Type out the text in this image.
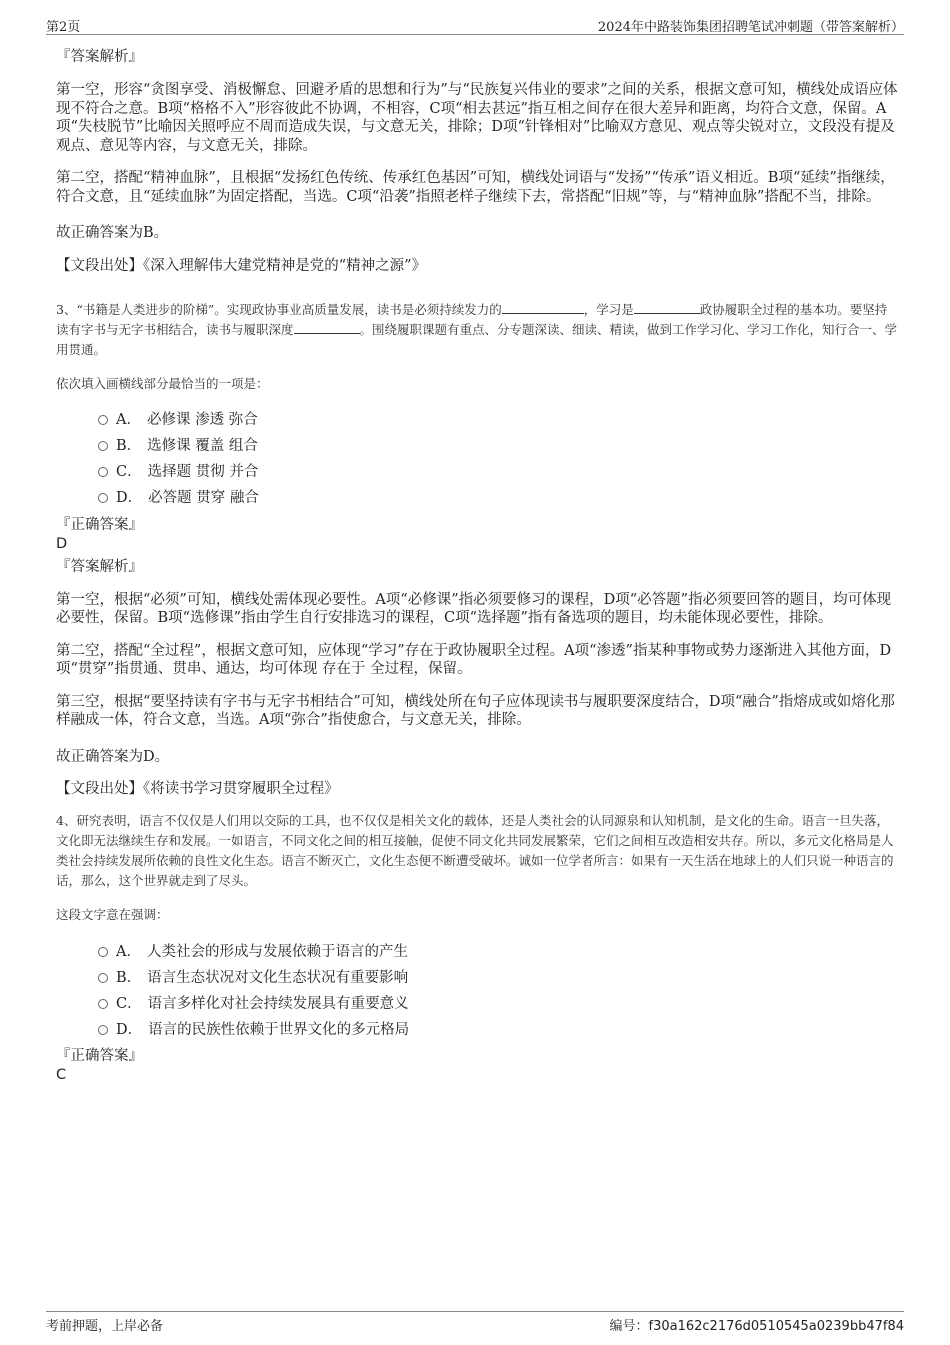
第2页	2024年中路装饰集团招聘笔试冲刺题（带答案解析）

『答案解析』

第一空，形容“贪图享受、消极懈怠、回避矛盾的思想和行为”与“民族复兴伟业的要求”之间的关系，根据文意可知，横线处成语应体现不符合之意。B项“格格不入”形容彼此不协调，不相容，C项“相去甚远”指互相之间存在很大差异和距离，均符合文意，保留。A项“失枝脱节”比喻因关照呼应不周而造成失误，与文意无关，排除；D项“针锋相对”比喻双方意见、观点等尖锐对立，文段没有提及观点、意见等内容，与文意无关，排除。

第二空，搭配“精神血脉”，且根据“发扬红色传统、传承红色基因”可知，横线处词语与“发扬”“传承”语义相近。B项“延续”指继续，符合文意，且“延续血脉”为固定搭配，当选。C项“沿袭”指照老样子继续下去，常搭配“旧规”等，与“精神血脉”搭配不当，排除。

故正确答案为B。

【文段出处】《深入理解伟大建党精神是党的“精神之源”》

3、“书籍是人类进步的阶梯”。实现政协事业高质量发展，读书是必须持续发力的	，学习是	政协履职全过程的基本功。要坚持读有字书与无字书相结合，读书与履职深度	。围绕履职课题有重点、分专题深读、细读、精读，做到工作学习化、学习工作化，知行合一、学用贯通。

依次填入画横线部分最恰当的一项是：

A． 必修课 渗透 弥合
B． 选修课 覆盖 组合
C． 选择题 贯彻 并合
D． 必答题 贯穿 融合

『正确答案』

D

『答案解析』

第一空，根据“必须”可知，横线处需体现必要性。A项“必修课”指必须要修习的课程，D项“必答题”指必须要回答的题目，均可体现必要性，保留。B项“选修课”指由学生自行安排选习的课程，C项“选择题”指有备选项的题目，均未能体现必要性，排除。

第二空，搭配“全过程”，根据文意可知，应体现“学习”存在于政协履职全过程。A项“渗透”指某种事物或势力逐渐进入其他方面，D项“贯穿”指贯通、贯串、通达，均可体现 存在于 全过程，保留。

第三空，根据“要坚持读有字书与无字书相结合”可知，横线处所在句子应体现读书与履职要深度结合，D项“融合”指熔成或如熔化那样融成一体，符合文意，当选。A项“弥合”指使愈合，与文意无关，排除。

故正确答案为D。

【文段出处】《将读书学习贯穿履职全过程》

4、研究表明，语言不仅仅是人们用以交际的工具，也不仅仅是相关文化的载体，还是人类社会的认同源泉和认知机制，是文化的生命。语言一旦失落，文化即无法继续生存和发展。一如语言，不同文化之间的相互接触，促使不同文化共同发展繁荣，它们之间相互改造相安共存。所以，多元文化格局是人类社会持续发展所依赖的良性文化生态。语言不断灭亡，文化生态便不断遭受破坏。诚如一位学者所言：如果有一天生活在地球上的人们只说一种语言的话，那么，这个世界就走到了尽头。

这段文字意在强调：

A． 人类社会的形成与发展依赖于语言的产生
B． 语言生态状况对文化生态状况有重要影响
C． 语言多样化对社会持续发展具有重要意义
D． 语言的民族性依赖于世界文化的多元格局

『正确答案』

C

考前押题，上岸必备	编号：f30a162c2176d0510545a0239bb47f84
